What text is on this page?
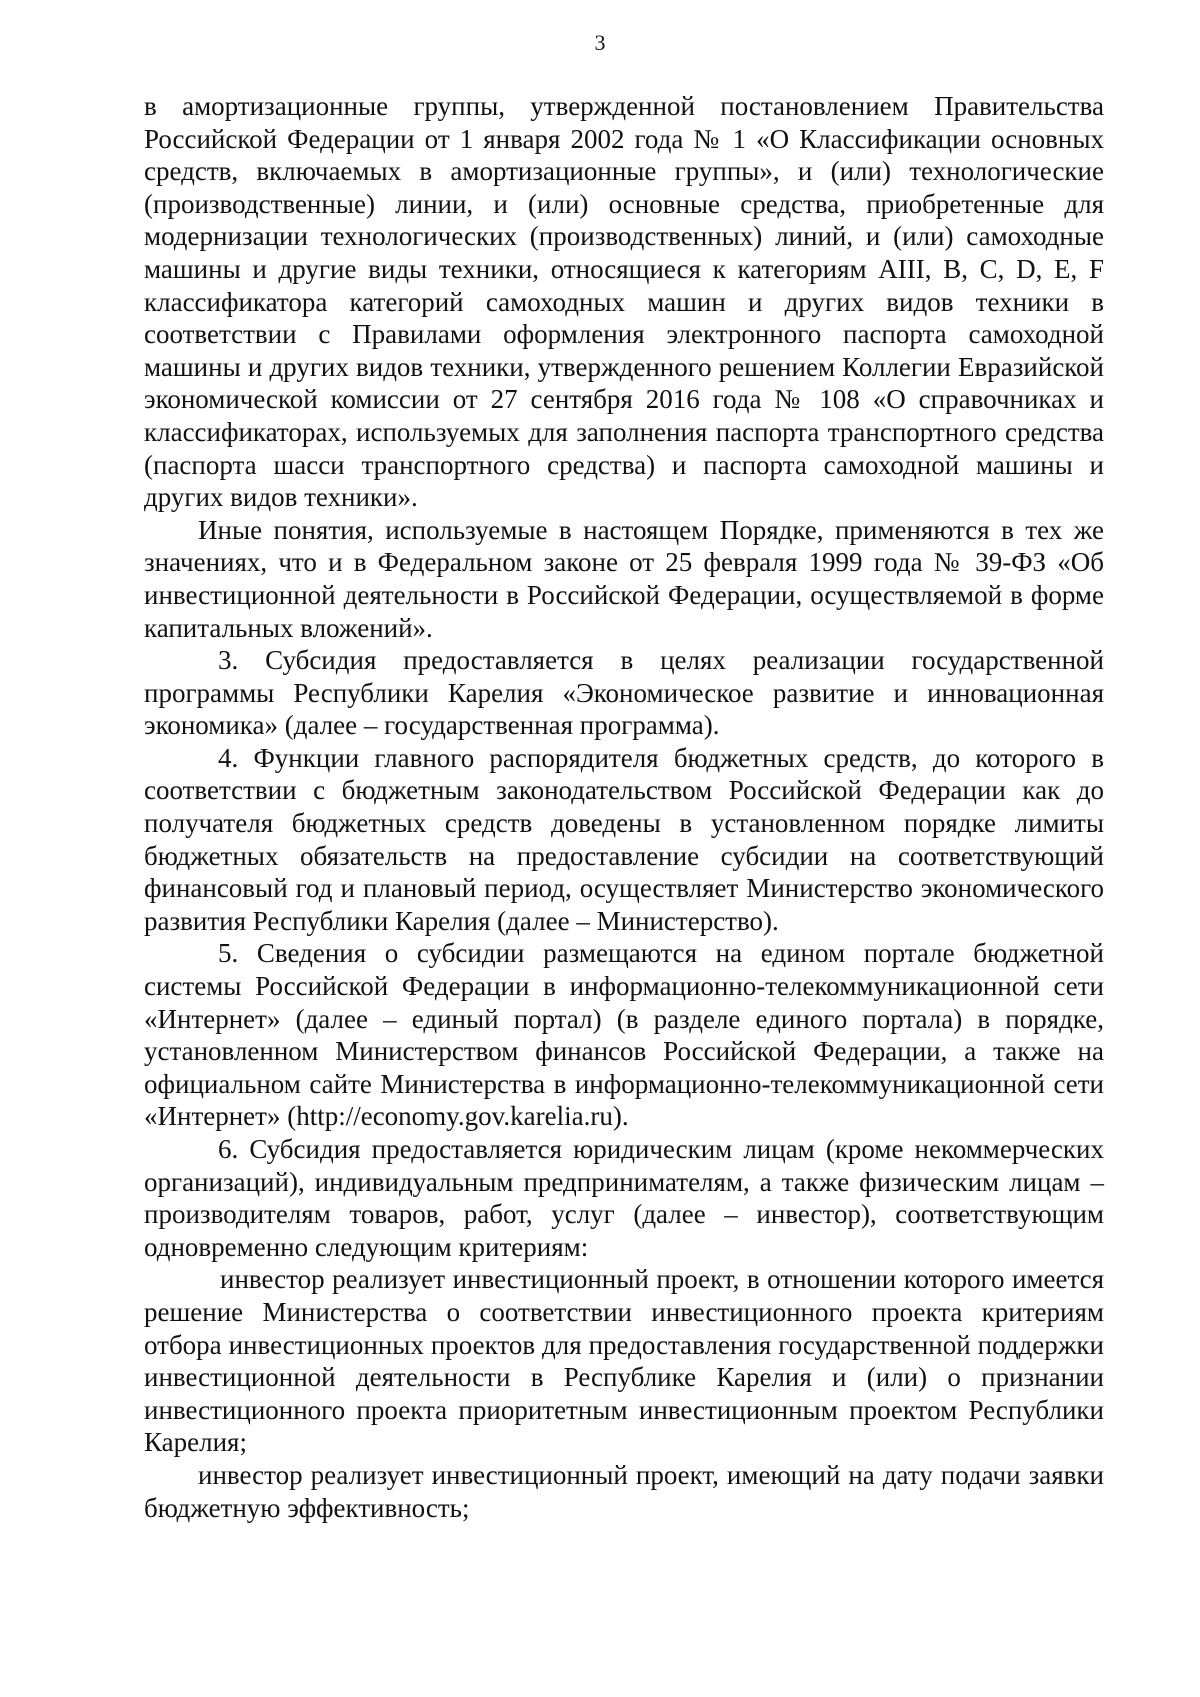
3

в амортизационные группы, утвержденной постановлением Правительства Российской Федерации от 1 января 2002 года № 1 «О Классификации основных средств, включаемых в амортизационные группы», и (или) технологические (производственные) линии, и (или) основные средства, приобретенные для модернизации технологических (производственных) линий, и (или) самоходные машины и другие виды техники, относящиеся к категориям AIII, B, C, D, E, F классификатора категорий самоходных машин и других видов техники в соответствии с Правилами оформления электронного паспорта самоходной машины и других видов техники, утвержденного решением Коллегии Евразийской экономической комиссии от 27 сентября 2016 года № 108 «О справочниках и классификаторах, используемых для заполнения паспорта транспортного средства (паспорта шасси транспортного средства) и паспорта самоходной машины и других видов техники».

Иные понятия, используемые в настоящем Порядке, применяются в тех же значениях, что и в Федеральном законе от 25 февраля 1999 года № 39-ФЗ «Об инвестиционной деятельности в Российской Федерации, осуществляемой в форме капитальных вложений».

3. Субсидия предоставляется в целях реализации государственной программы Республики Карелия «Экономическое развитие и инновационная экономика» (далее – государственная программа).

4. Функции главного распорядителя бюджетных средств, до которого в соответствии с бюджетным законодательством Российской Федерации как до получателя бюджетных средств доведены в установленном порядке лимиты бюджетных обязательств на предоставление субсидии на соответствующий финансовый год и плановый период, осуществляет Министерство экономического развития Республики Карелия (далее – Министерство).

5. Сведения о субсидии размещаются на едином портале бюджетной системы Российской Федерации в информационно-телекоммуникационной сети «Интернет» (далее – единый портал) (в разделе единого портала) в порядке, установленном Министерством финансов Российской Федерации, а также на официальном сайте Министерства в информационно-телекоммуникационной сети «Интернет» (http://economy.gov.karelia.ru).

6. Субсидия предоставляется юридическим лицам (кроме некоммерческих организаций), индивидуальным предпринимателям, а также физическим лицам – производителям товаров, работ, услуг (далее – инвестор), соответствующим одновременно следующим критериям:

инвестор реализует инвестиционный проект, в отношении которого имеется решение Министерства о соответствии инвестиционного проекта критериям отбора инвестиционных проектов для предоставления государственной поддержки инвестиционной деятельности в Республике Карелия и (или) о признании инвестиционного проекта приоритетным инвестиционным проектом Республики Карелия;

инвестор реализует инвестиционный проект, имеющий на дату подачи заявки бюджетную эффективность;
